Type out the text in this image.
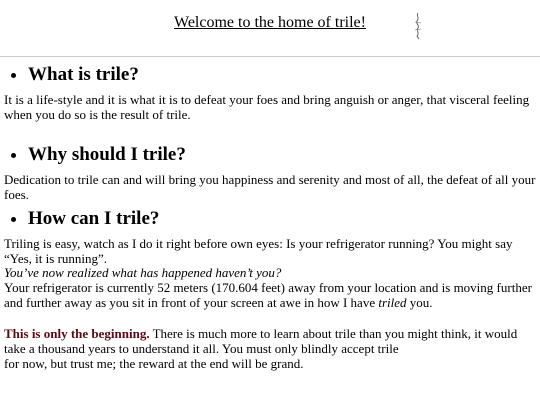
Welcome to the home of trile!
What is trile?

It is a life-style and it is what it is to defeat your foes and bring anguish or anger, that visceral feeling when you do so is the result of trile.

Why should I trile?

Dedication to trile can and will bring you happiness and serenity and most of all, the defeat of all your foes.

How can I trile?

Triling is easy, watch as I do it right before own eyes: Is your refrigerator running? You might say “Yes, it is running”.

You’ve now realized what has happened haven’t you?

Your refrigerator is currently 52 meters (170.604 feet) away from your location and is moving further and further away as you sit in front of your screen at awe in how I have triled you.

This is only the beginning. There is much more to learn about trile than you might think, it would take a thousand years to understand it all. You must only blindly accept trile

for now, but trust me; the reward at the end will be grand.
